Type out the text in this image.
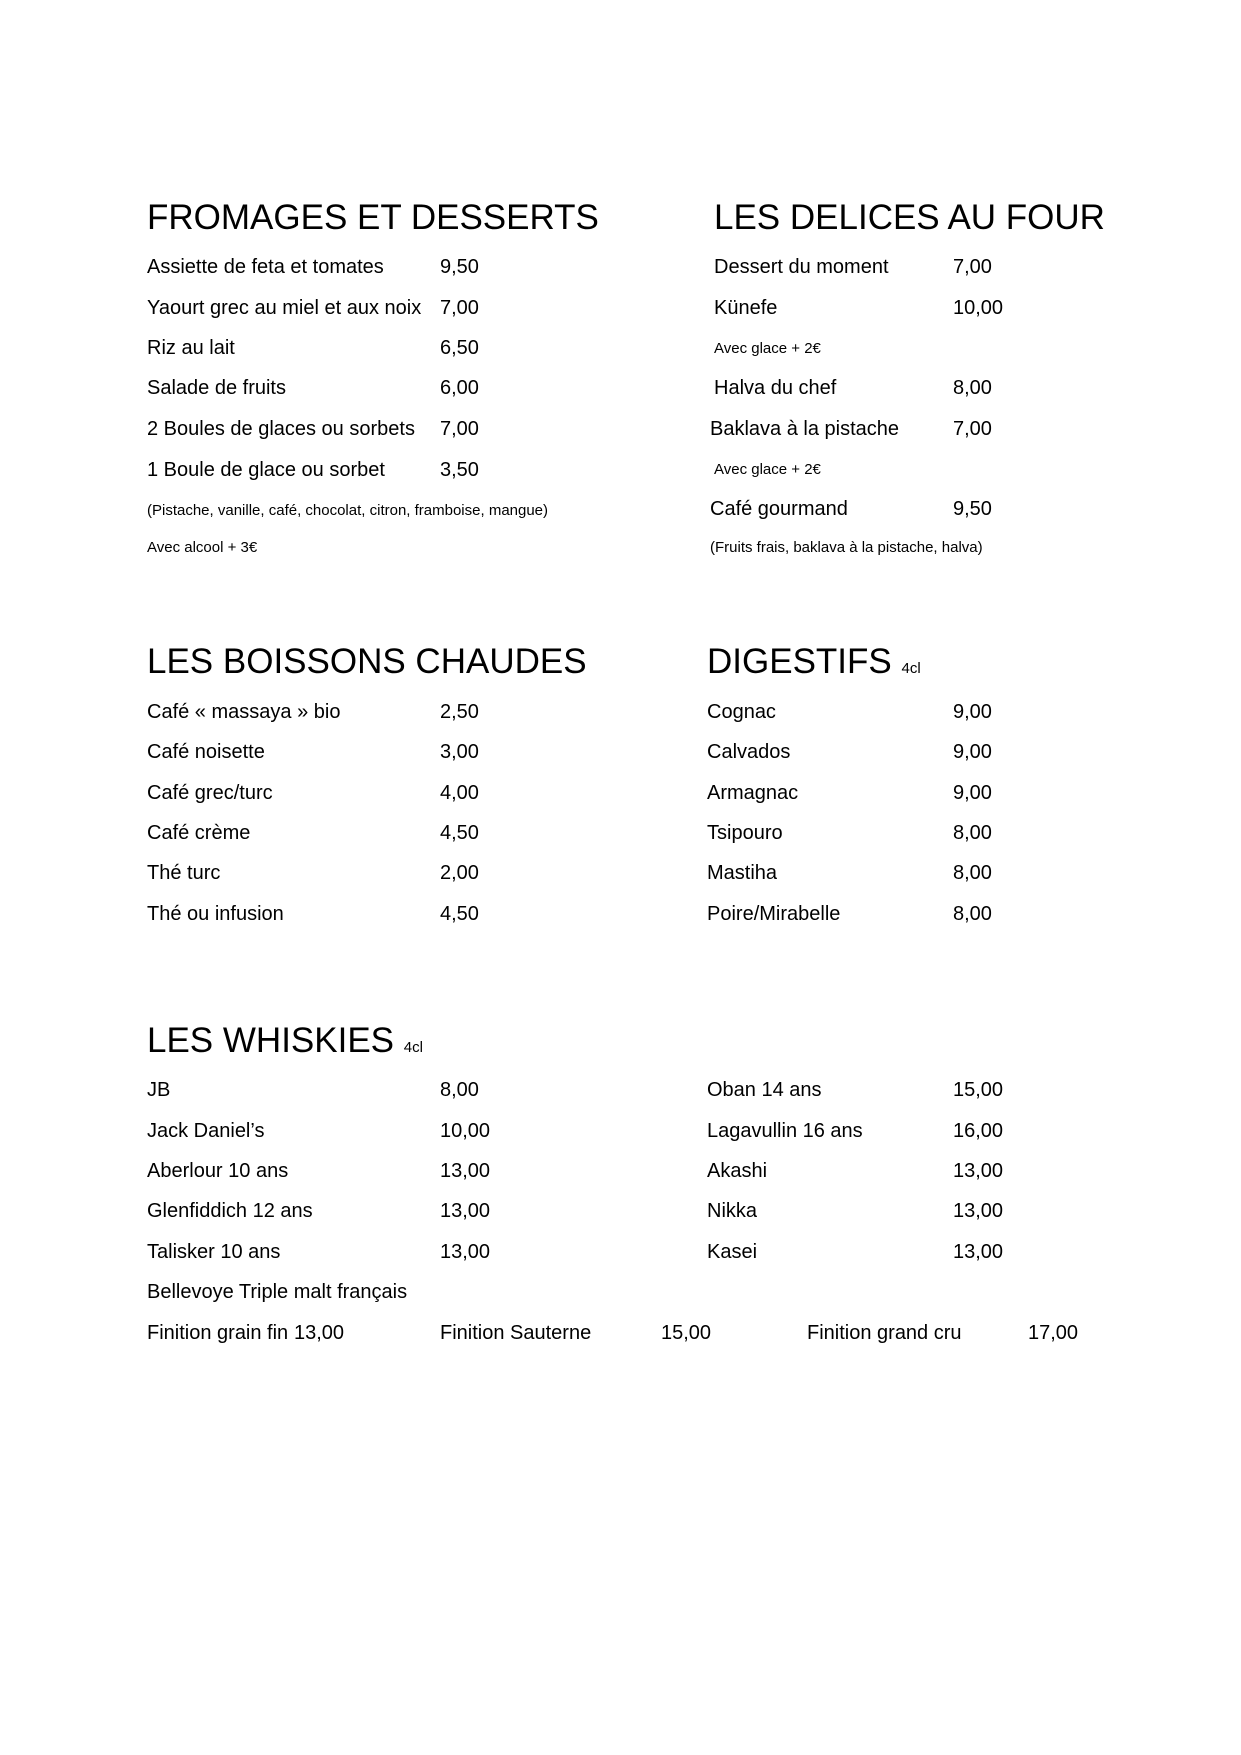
FROMAGES ET DESSERTS
Assiette de feta et tomates	9,50
Yaourt grec au miel et aux noix 7,00
Riz au lait	6,50
Salade de fruits	6,00
2 Boules de glaces ou sorbets 7,00
1 Boule de glace ou sorbet	3,50
(Pistache, vanille, café, chocolat, citron, framboise, mangue)
Avec alcool + 3€
LES DELICES AU FOUR
Dessert du moment	7,00
Künefe	10,00
Avec glace + 2€
Halva du chef	8,00
Baklava à la pistache	7,00
Avec glace + 2€
Café gourmand	9,50
(Fruits frais, baklava à la pistache, halva)
LES BOISSONS CHAUDES
Café « massaya » bio	2,50
Café noisette	3,00
Café grec/turc	4,00
Café crème	4,50
Thé turc	2,00
Thé ou infusion	4,50
DIGESTIFS 4cl
Cognac	9,00
Calvados	9,00
Armagnac	9,00
Tsipouro	8,00
Mastiha	8,00
Poire/Mirabelle	8,00
LES WHISKIES 4cl
JB	8,00
Jack Daniel’s	10,00
Aberlour 10 ans	13,00
Glenfiddich 12 ans	13,00
Talisker 10 ans	13,00
Oban 14 ans	15,00
Lagavullin 16 ans	16,00
Akashi	13,00
Nikka	13,00
Kasei	13,00
Bellevoye Triple malt français
Finition grain fin 13,00	Finition Sauterne	15,00	Finition grand cru	17,00
